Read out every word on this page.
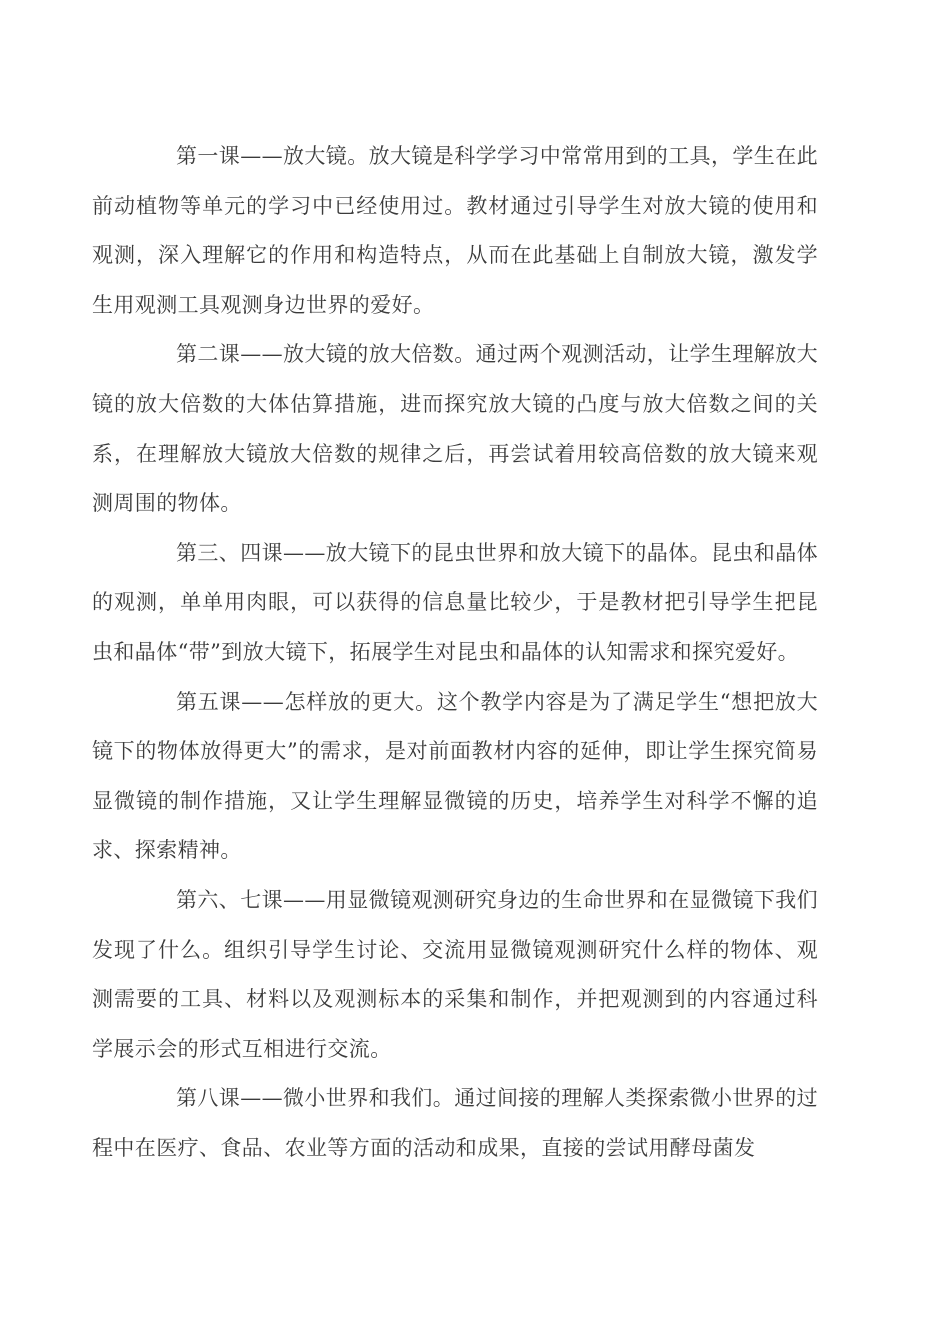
第一课——放大镜。放大镜是科学学习中常常用到的工具，学生在此前动植物等单元的学习中已经使用过。教材通过引导学生对放大镜的使用和观测，深入理解它的作用和构造特点，从而在此基础上自制放大镜，激发学生用观测工具观测身边世界的爱好。

第二课——放大镜的放大倍数。通过两个观测活动，让学生理解放大镜的放大倍数的大体估算措施，进而探究放大镜的凸度与放大倍数之间的关系，在理解放大镜放大倍数的规律之后，再尝试着用较高倍数的放大镜来观测周围的物体。

第三、四课——放大镜下的昆虫世界和放大镜下的晶体。昆虫和晶体的观测，单单用肉眼，可以获得的信息量比较少，于是教材把引导学生把昆虫和晶体“带”到放大镜下，拓展学生对昆虫和晶体的认知需求和探究爱好。

第五课——怎样放的更大。这个教学内容是为了满足学生“想把放大镜下的物体放得更大”的需求，是对前面教材内容的延伸，即让学生探究简易显微镜的制作措施，又让学生理解显微镜的历史，培养学生对科学不懈的追求、探索精神。

第六、七课——用显微镜观测研究身边的生命世界和在显微镜下我们发现了什么。组织引导学生讨论、交流用显微镜观测研究什么样的物体、观测需要的工具、材料以及观测标本的采集和制作，并把观测到的内容通过科学展示会的形式互相进行交流。

第八课——微小世界和我们。通过间接的理解人类探索微小世界的过程中在医疗、食品、农业等方面的活动和成果，直接的尝试用酵母菌发
